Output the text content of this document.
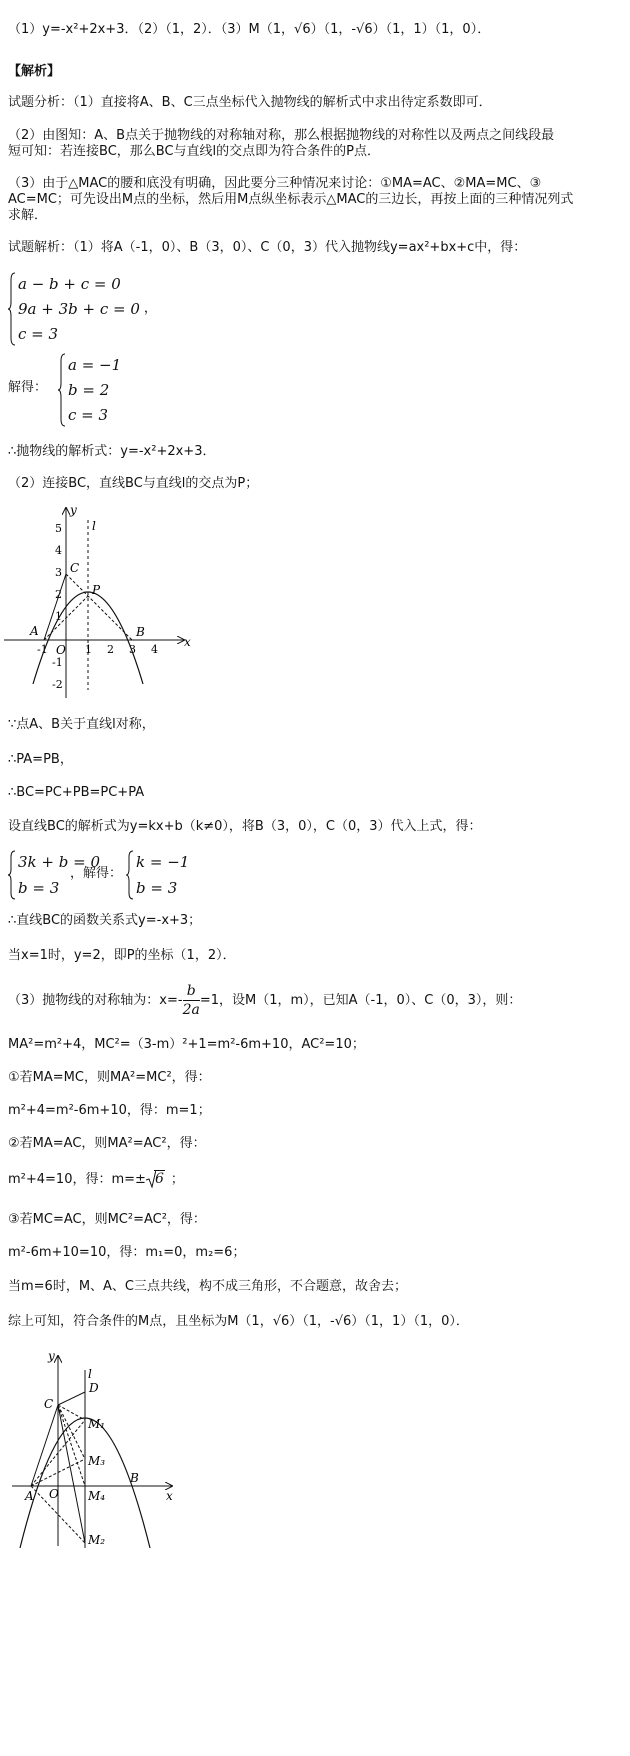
（1）y=-x²+2x+3．（2）（1，2）．（3）M（1，√6）（1，-√6）（1，1）（1，0）．
【解析】
试题分析：（1）直接将A、B、C三点坐标代入抛物线的解析式中求出待定系数即可．
（2）由图知：A、B点关于抛物线的对称轴对称，那么根据抛物线的对称性以及两点之间线段最
短可知：若连接BC，那么BC与直线l的交点即为符合条件的P点．
（3）由于△MAC的腰和底没有明确，因此要分三种情况来讨论：①MA=AC、②MA=MC、③
AC=MC；可先设出M点的坐标，然后用M点纵坐标表示△MAC的三边长，再按上面的三种情况列式
求解．
试题解析：（1）将A（-1，0）、B（3，0）、C（0，3）代入抛物线y=ax²+bx+c中，得：
a − b + c = 0
9a + 3b + c = 0
c = 3
，
解得：
a = −1
b = 2
c = 3
∴抛物线的解析式：y=-x²+2x+3．
（2）连接BC，直线BC与直线l的交点为P；
y
x
5
4
3
2
1
-1
-2
-1	1 2 3 4
l
C
P
A	B
O
∵点A、B关于直线l对称，
∴PA=PB，
∴BC=PC+PB=PC+PA
设直线BC的解析式为y=kx+b（k≠0），将B（3，0），C（0，3）代入上式，得：
3k + b = 0
b = 3
，解得：
k = −1
b = 3
∴直线BC的函数关系式y=-x+3；
当x=1时，y=2，即P的坐标（1，2）．
（3）抛物线的对称轴为：$x=- \frac{b}{2a} =1$，设M（1，m），已知A（-1，0）、C（0，3），则：
MA²=m²+4，MC²=（3-m）²+1=m²-6m+10，AC²=10；
①若MA=MC，则MA²=MC²，得：
m²+4=m²-6m+10，得：m=1；
②若MA=AC，则MA²=AC²，得：
m²+4=10，得：m=± 6 ；
③若MC=AC，则MC²=AC²，得：
m²-6m+10=10，得：m₁=0，m₂=6；
当m=6时，M、A、C三点共线，构不成三角形，不合题意，故舍去；
综上可知，符合条件的M点，且坐标为M（1，√6）（1，-√6）（1，1）（1，0）．
y
x
l
D
C
M₁
M₃
M₄
M₂
A O
B
